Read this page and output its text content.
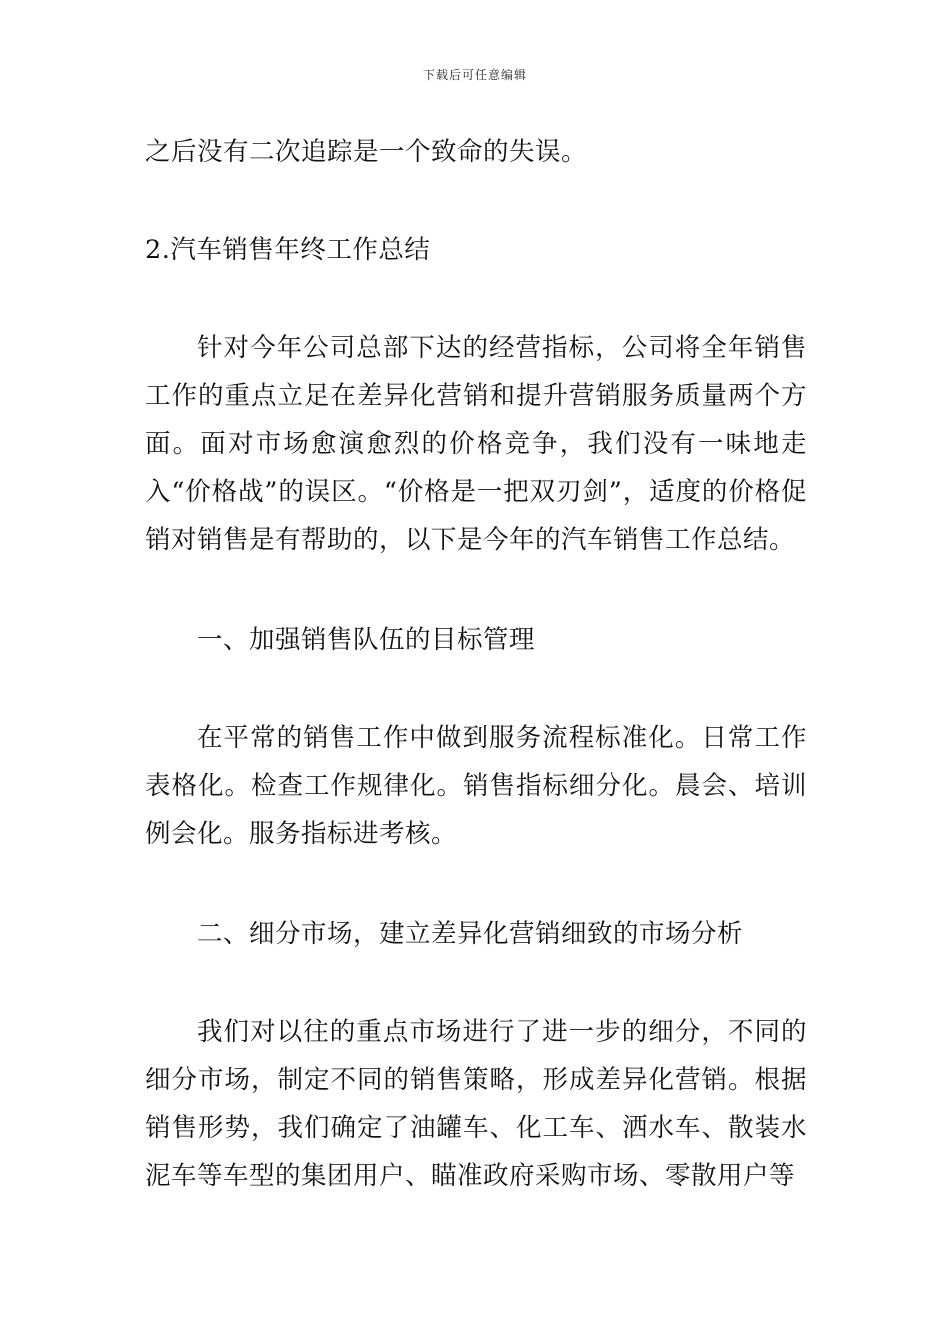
下载后可任意编辑

之后没有二次追踪是一个致命的失误。

2.汽车销售年终工作总结

针对今年公司总部下达的经营指标，公司将全年销售工作的重点立足在差异化营销和提升营销服务质量两个方面。面对市场愈演愈烈的价格竞争，我们没有一味地走入“价格战”的误区。“价格是一把双刃剑”，适度的价格促销对销售是有帮助的，以下是今年的汽车销售工作总结。

一、加强销售队伍的目标管理

在平常的销售工作中做到服务流程标准化。日常工作表格化。检查工作规律化。销售指标细分化。晨会、培训例会化。服务指标进考核。

二、细分市场，建立差异化营销细致的市场分析

我们对以往的重点市场进行了进一步的细分，不同的细分市场，制定不同的销售策略，形成差异化营销。根据销售形势，我们确定了油罐车、化工车、洒水车、散装水泥车等车型的集团用户、瞄准政府采购市场、零散用户等
